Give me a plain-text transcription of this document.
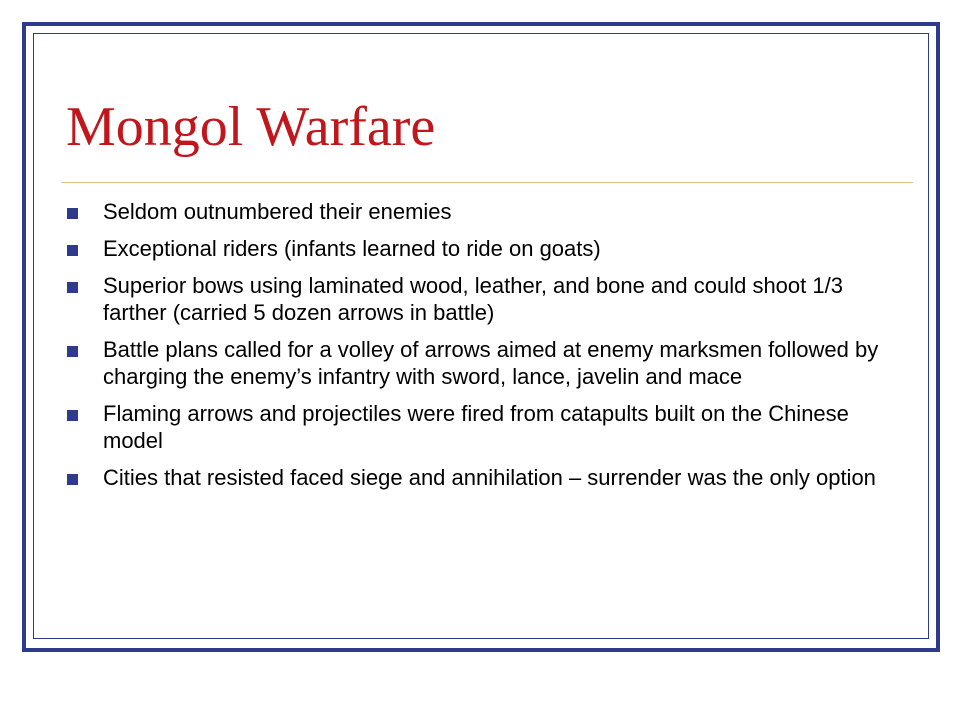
Mongol Warfare
Seldom outnumbered their enemies
Exceptional riders (infants learned to ride on goats)
Superior bows using laminated wood, leather, and bone and could shoot 1/3 farther (carried 5 dozen arrows in battle)
Battle plans called for a volley of arrows aimed at enemy marksmen followed by charging the enemy’s infantry with sword, lance, javelin and mace
Flaming arrows and projectiles were fired from catapults built on the Chinese model
Cities that resisted faced siege and annihilation – surrender was the only option
